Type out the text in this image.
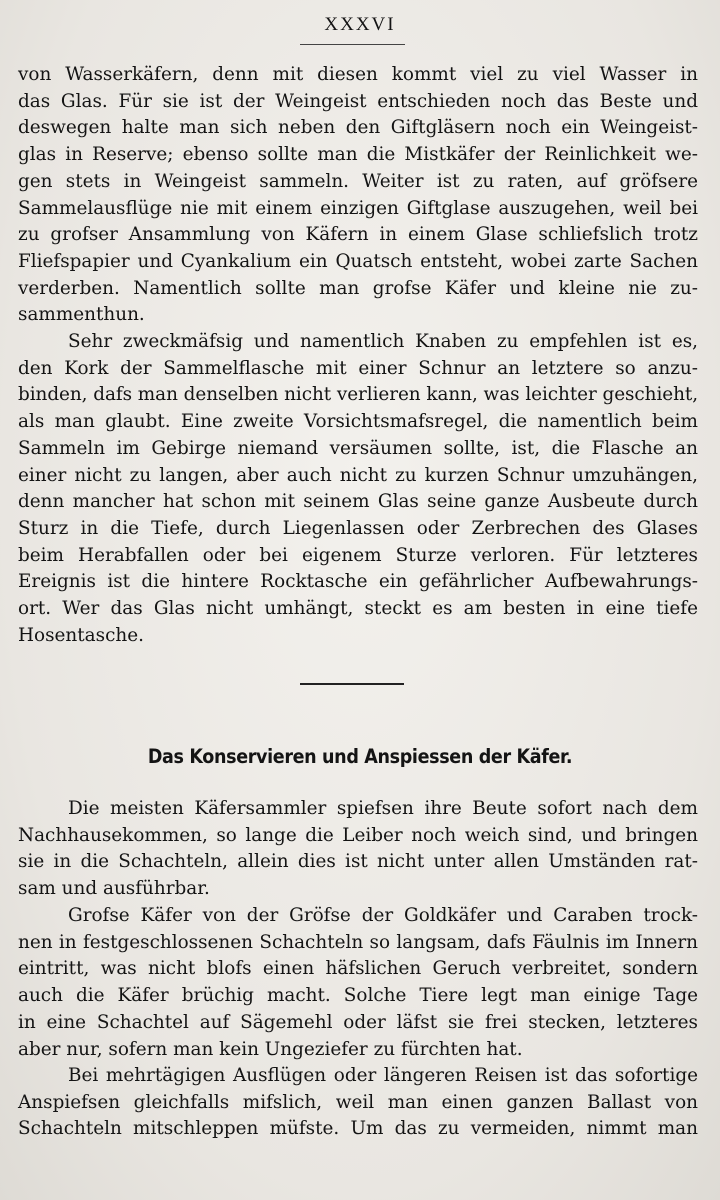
XXXVI
von Wasserkäfern, denn mit diesen kommt viel zu viel Wasser in
das Glas. Für sie ist der Weingeist entschieden noch das Beste und
deswegen halte man sich neben den Giftgläsern noch ein Weingeist-
glas in Reserve; ebenso sollte man die Mistkäfer der Reinlichkeit we-
gen stets in Weingeist sammeln. Weiter ist zu raten, auf gröfsere
Sammelausflüge nie mit einem einzigen Giftglase auszugehen, weil bei
zu grofser Ansammlung von Käfern in einem Glase schliefslich trotz
Fliefspapier und Cyankalium ein Quatsch entsteht, wobei zarte Sachen
verderben. Namentlich sollte man grofse Käfer und kleine nie zu-
sammenthun.
Sehr zweckmäfsig und namentlich Knaben zu empfehlen ist es,
den Kork der Sammelflasche mit einer Schnur an letztere so anzu-
binden, dafs man denselben nicht verlieren kann, was leichter geschieht,
als man glaubt. Eine zweite Vorsichtsmafsregel, die namentlich beim
Sammeln im Gebirge niemand versäumen sollte, ist, die Flasche an
einer nicht zu langen, aber auch nicht zu kurzen Schnur umzuhängen,
denn mancher hat schon mit seinem Glas seine ganze Ausbeute durch
Sturz in die Tiefe, durch Liegenlassen oder Zerbrechen des Glases
beim Herabfallen oder bei eigenem Sturze verloren. Für letzteres
Ereignis ist die hintere Rocktasche ein gefährlicher Aufbewahrungs-
ort. Wer das Glas nicht umhängt, steckt es am besten in eine tiefe
Hosentasche.
Das Konservieren und Anspiessen der Käfer.
Die meisten Käfersammler spiefsen ihre Beute sofort nach dem
Nachhausekommen, so lange die Leiber noch weich sind, und bringen
sie in die Schachteln, allein dies ist nicht unter allen Umständen rat-
sam und ausführbar.
Grofse Käfer von der Gröfse der Goldkäfer und Caraben trock-
nen in festgeschlossenen Schachteln so langsam, dafs Fäulnis im Innern
eintritt, was nicht blofs einen häfslichen Geruch verbreitet, sondern
auch die Käfer brüchig macht. Solche Tiere legt man einige Tage
in eine Schachtel auf Sägemehl oder läfst sie frei stecken, letzteres
aber nur, sofern man kein Ungeziefer zu fürchten hat.
Bei mehrtägigen Ausflügen oder längeren Reisen ist das sofortige
Anspiefsen gleichfalls mifslich, weil man einen ganzen Ballast von
Schachteln mitschleppen müfste. Um das zu vermeiden, nimmt man
